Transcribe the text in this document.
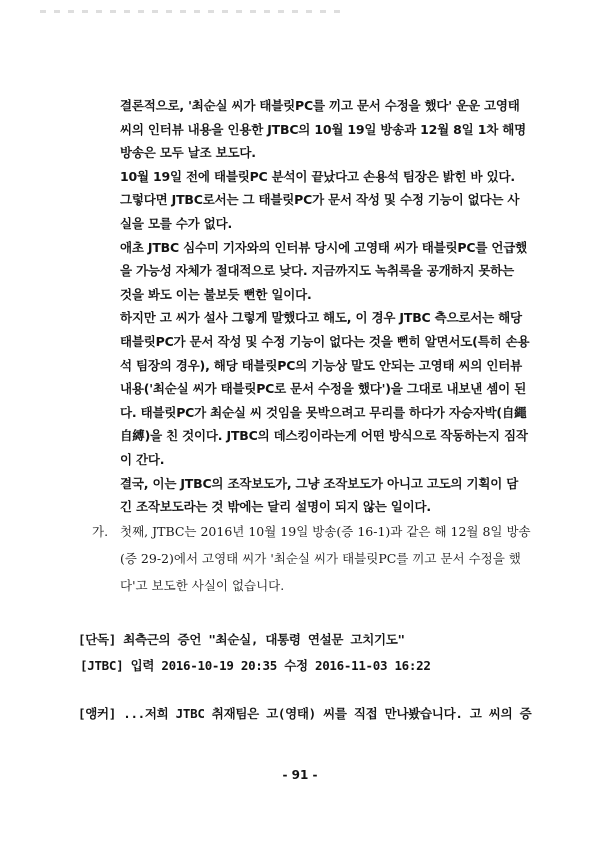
결론적으로, '최순실 씨가 태블릿PC를 끼고 문서 수정을 했다' 운운 고영태 씨의 인터뷰 내용을 인용한 JTBC의 10월 19일 방송과 12월 8일 1차 해명방송은 모두 날조 보도다.

10월 19일 전에 태블릿PC 분석이 끝났다고 손용석 팀장은 밝힌 바 있다. 그렇다면 JTBC로서는 그 태블릿PC가 문서 작성 및 수정 기능이 없다는 사실을 모를 수가 없다.

애초 JTBC 심수미 기자와의 인터뷰 당시에 고영태 씨가 태블릿PC를 언급했을 가능성 자체가 절대적으로 낮다. 지금까지도 녹취록을 공개하지 못하는 것을 봐도 이는 불보듯 뻔한 일이다.

하지만 고 씨가 설사 그렇게 말했다고 해도, 이 경우 JTBC 측으로서는 해당 태블릿PC가 문서 작성 및 수정 기능이 없다는 것을 뻔히 알면서도(특히 손용석 팀장의 경우), 해당 태블릿PC의 기능상 말도 안되는 고영태 씨의 인터뷰 내용('최순실 씨가 태블릿PC로 문서 수정을 했다')을 그대로 내보낸 셈이 된다. 태블릿PC가 최순실 씨 것임을 못박으려고 무리를 하다가 자승자박(自繩自縛)을 친 것이다. JTBC의 데스킹이라는게 어떤 방식으로 작동하는지 짐작이 간다.

결국, 이는 JTBC의 조작보도가, 그냥 조작보도가 아니고 고도의 기획이 담긴 조작보도라는 것 밖에는 달리 설명이 되지 않는 일이다.

가. 첫째, JTBC는 2016년 10월 19일 방송(증 16-1)과 같은 해 12월 8일 방송(증 29-2)에서 고영태 씨가 '최순실 씨가 태블릿PC를 끼고 문서 수정을 했다'고 보도한 사실이 없습니다.
[단독] 최측근의 증언 "최순실, 대통령 연설문 고치기도"
[JTBC] 입력 2016-10-19 20:35 수정 2016-11-03 16:22
[앵커] ...저희 JTBC 취재팀은 고(영태) 씨를 직접 만나봤습니다. 고 씨의 증
- 91 -
